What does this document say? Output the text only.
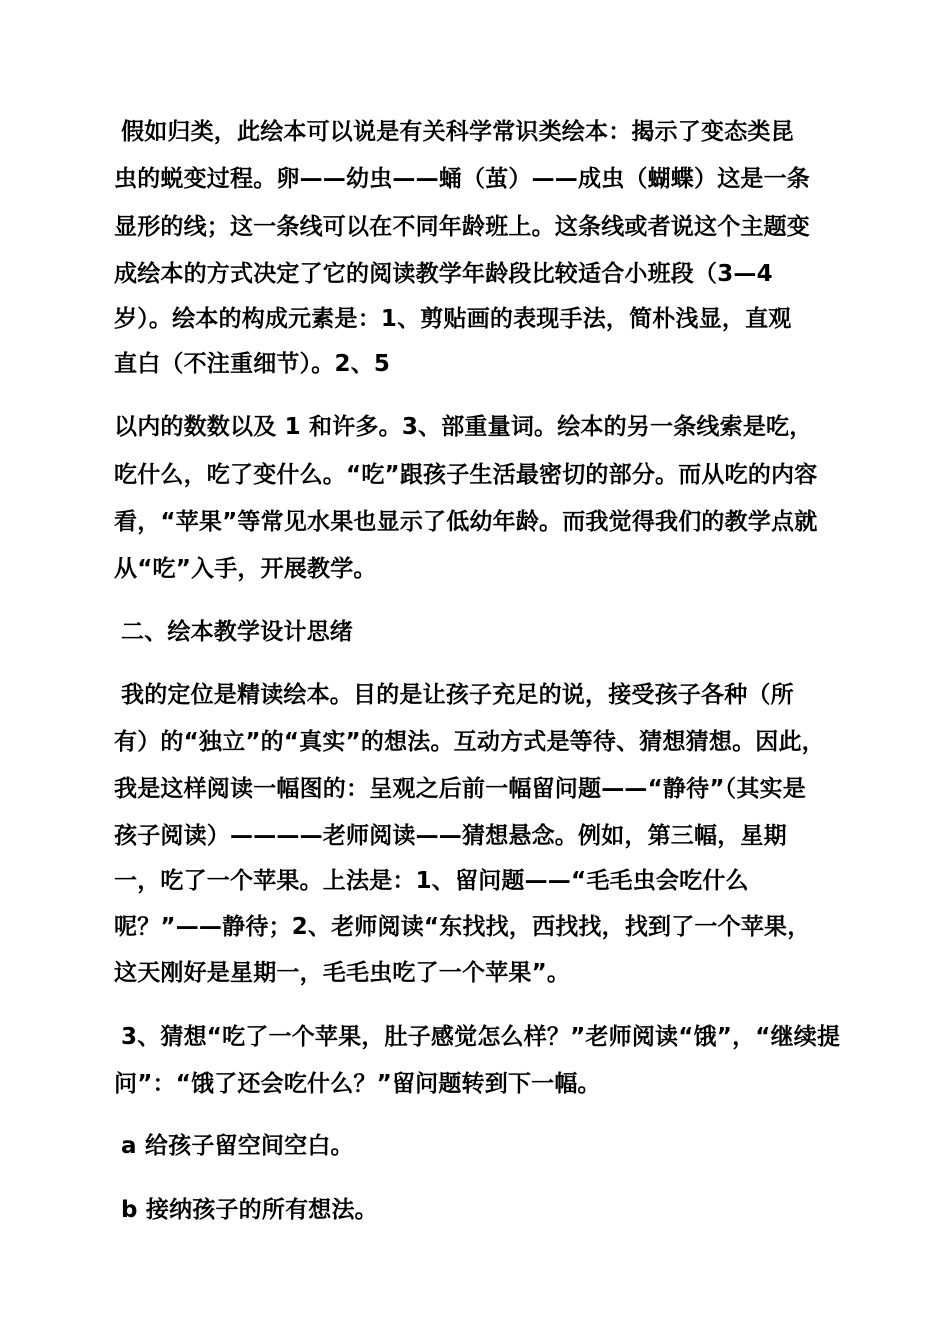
假如归类，此绘本可以说是有关科学常识类绘本：揭示了变态类昆

虫的蜕变过程。卵——幼虫——蛹（茧）——成虫（蝴蝶）这是一条

显形的线；这一条线可以在不同年龄班上。这条线或者说这个主题变

成绘本的方式决定了它的阅读教学年龄段比较适合小班段（3—4

岁）。绘本的构成元素是：1、剪贴画的表现手法，简朴浅显，直观

直白（不注重细节）。2、5

以内的数数以及 1 和许多。3、部重量词。绘本的另一条线索是吃，

吃什么，吃了变什么。“吃”跟孩子生活最密切的部分。而从吃的内容

看，“苹果”等常见水果也显示了低幼年龄。而我觉得我们的教学点就

从“吃”入手，开展教学。

二、绘本教学设计思绪

我的定位是精读绘本。目的是让孩子充足的说，接受孩子各种（所

有）的“独立”的“真实”的想法。互动方式是等待、猜想猜想。因此，

我是这样阅读一幅图的：呈观之后前一幅留问题——“静待”（其实是

孩子阅读）————老师阅读——猜想悬念。例如，第三幅，星期

一，吃了一个苹果。上法是：1、留问题——“毛毛虫会吃什么

呢？”——静待；2、老师阅读“东找找，西找找，找到了一个苹果，

这天刚好是星期一，毛毛虫吃了一个苹果”。

3、猜想“吃了一个苹果，肚子感觉怎么样？”老师阅读“饿”，“继续提

问”：“饿了还会吃什么？”留问题转到下一幅。

a 给孩子留空间空白。

b 接纳孩子的所有想法。
